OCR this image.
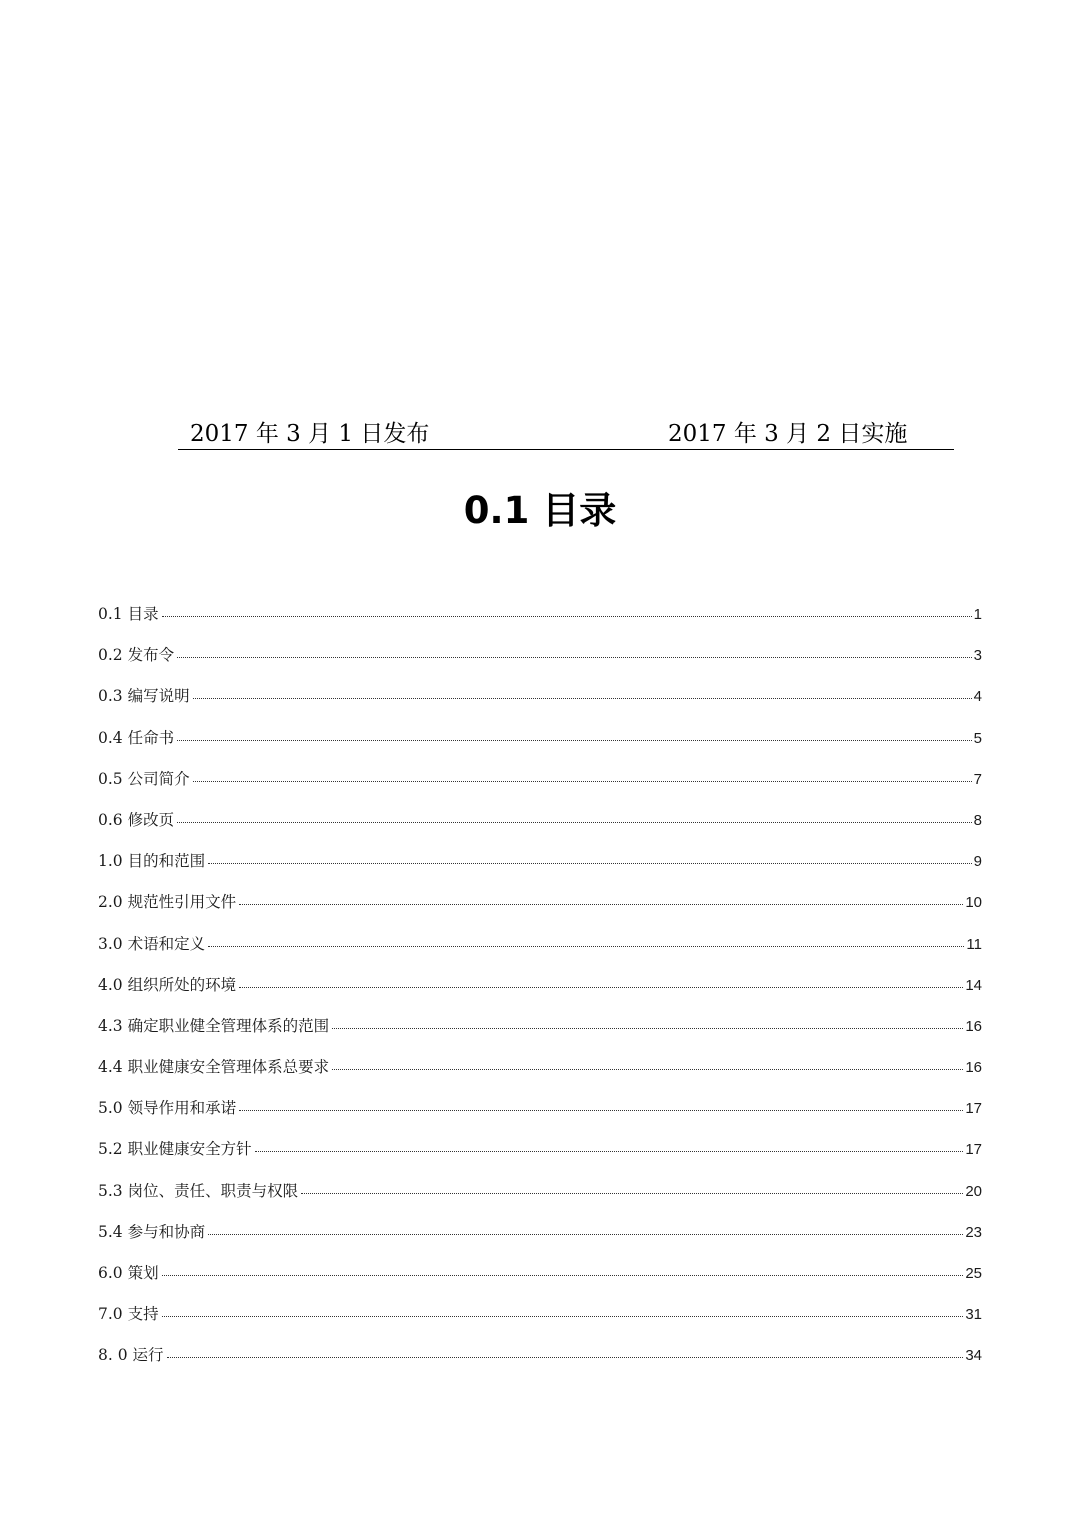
2017 年 3 月 1 日发布	2017 年 3 月 2 日实施
0.1 目录
0.1 目录	1
0.2 发布令	3
0.3 编写说明	4
0.4 任命书	5
0.5 公司简介	7
0.6 修改页	8
1.0 目的和范围	9
2.0 规范性引用文件	10
3.0 术语和定义	11
4.0 组织所处的环境	14
4.3 确定职业健全管理体系的范围	16
4.4 职业健康安全管理体系总要求	16
5.0 领导作用和承诺	17
5.2 职业健康安全方针	17
5.3 岗位、责任、职责与权限	20
5.4 参与和协商	23
6.0 策划	25
7.0 支持	31
8. 0 运行	34
